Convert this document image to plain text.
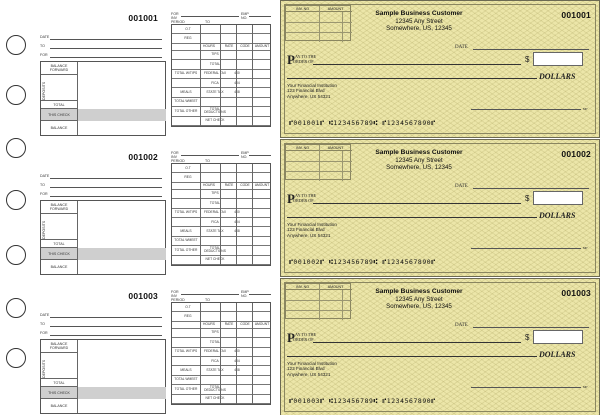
001001
DATE
TO
FOR
BALANCE FORWARD
DEPOSITS
TOTAL
THIS CHECK
BALANCE
FOR
INV
PERIOD	TO
EMP
NO.
O.T
REG
HOURS	RATE	CODE	AMOUNT
TIPS
TOTAL
TOTAL W/TIPS	FEDERAL TAX	400
FICA	404
MEALS	STATE TAX	408
TOTAL WMEET
TOTAL OTHER	TOTAL DEDUCTIONS
NET CHECK
INV. NO	AMOUNT
Sample Business Customer
12345 Any Street
Somewhere, US, 12345
001001
DATE
$P^{AY TO THE}$
ORDER OF	$
DOLLARS
Your Financial Institution
123 Financial Blvd
Anywhere, US 54321
MP
⑈001001⑈ ⑆123456789⑆ ⑈1234567890⑈
001002
DATE
TO
FOR
BALANCE FORWARD
DEPOSITS
TOTAL
THIS CHECK
BALANCE
FOR
INV
PERIOD	TO
EMP
NO.
O.T
REG
HOURS	RATE	CODE	AMOUNT
TIPS
TOTAL
TOTAL W/TIPS	FEDERAL TAX	400
FICA	404
MEALS	STATE TAX	408
TOTAL WMEET
TOTAL OTHER	TOTAL DEDUCTIONS
NET CHECK
INV. NO	AMOUNT
Sample Business Customer
12345 Any Street
Somewhere, US, 12345
001002
DATE
$P^{AY TO THE}$
ORDER OF	$
DOLLARS
Your Financial Institution
123 Financial Blvd
Anywhere, US 54321
MP
⑈001002⑈ ⑆123456789⑆ ⑈1234567890⑈
001003
DATE
TO
FOR
BALANCE FORWARD
DEPOSITS
TOTAL
THIS CHECK
BALANCE
FOR
INV
PERIOD	TO
EMP
NO.
O.T
REG
HOURS	RATE	CODE	AMOUNT
TIPS
TOTAL
TOTAL W/TIPS	FEDERAL TAX	400
FICA	404
MEALS	STATE TAX	408
TOTAL WMEET
TOTAL OTHER	TOTAL DEDUCTIONS
NET CHECK
INV. NO	AMOUNT
Sample Business Customer
12345 Any Street
Somewhere, US, 12345
001003
DATE
$P^{AY TO THE}$
ORDER OF	$
DOLLARS
Your Financial Institution
123 Financial Blvd
Anywhere, US 54321
MP
⑈001003⑈ ⑆123456789⑆ ⑈1234567890⑈
